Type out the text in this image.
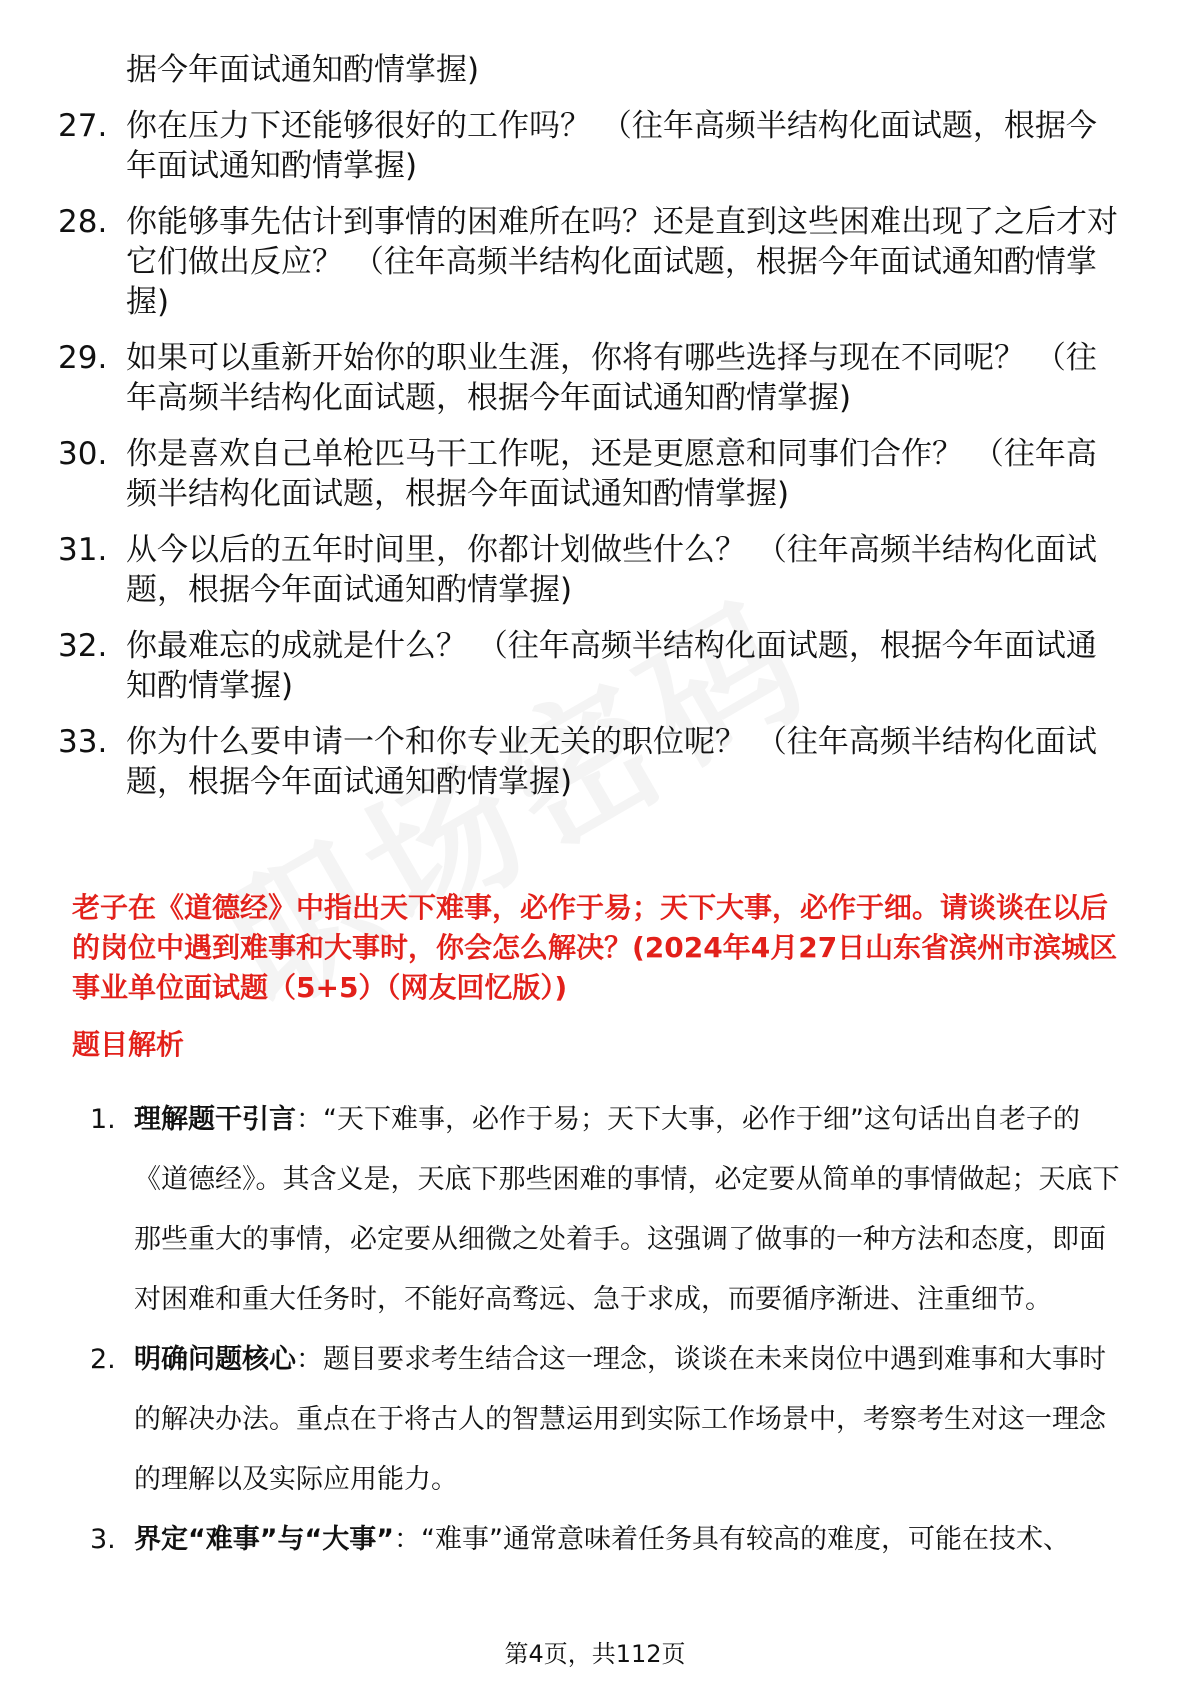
据今年面试通知酌情掌握)
27. 你在压力下还能够很好的工作吗？ （往年高频半结构化面试题，根据今年面试通知酌情掌握)
28. 你能够事先估计到事情的困难所在吗？还是直到这些困难出现了之后才对它们做出反应？ （往年高频半结构化面试题，根据今年面试通知酌情掌握)
29. 如果可以重新开始你的职业生涯，你将有哪些选择与现在不同呢？ （往年高频半结构化面试题，根据今年面试通知酌情掌握)
30. 你是喜欢自己单枪匹马干工作呢，还是更愿意和同事们合作？ （往年高频半结构化面试题，根据今年面试通知酌情掌握)
31. 从今以后的五年时间里，你都计划做些什么？ （往年高频半结构化面试题，根据今年面试通知酌情掌握)
32. 你最难忘的成就是什么？ （往年高频半结构化面试题，根据今年面试通知酌情掌握)
33. 你为什么要申请一个和你专业无关的职位呢？ （往年高频半结构化面试题，根据今年面试通知酌情掌握)
老子在《道德经》中指出天下难事，必作于易；天下大事，必作于细。请谈谈在以后的岗位中遇到难事和大事时，你会怎么解决？(2024年4月27日山东省滨州市滨城区事业单位面试题（5+5）（网友回忆版）)
题目解析
1. 理解题干引言：“天下难事，必作于易；天下大事，必作于细”这句话出自老子的《道德经》。其含义是，天底下那些困难的事情，必定要从简单的事情做起；天底下那些重大的事情，必定要从细微之处着手。这强调了做事的一种方法和态度，即面对困难和重大任务时，不能好高骛远、急于求成，而要循序渐进、注重细节。
2. 明确问题核心：题目要求考生结合这一理念，谈谈在未来岗位中遇到难事和大事时的解决办法。重点在于将古人的智慧运用到实际工作场景中，考察考生对这一理念的理解以及实际应用能力。
3. 界定“难事”与“大事”：“难事”通常意味着任务具有较高的难度，可能在技术、
第4页，共112页
